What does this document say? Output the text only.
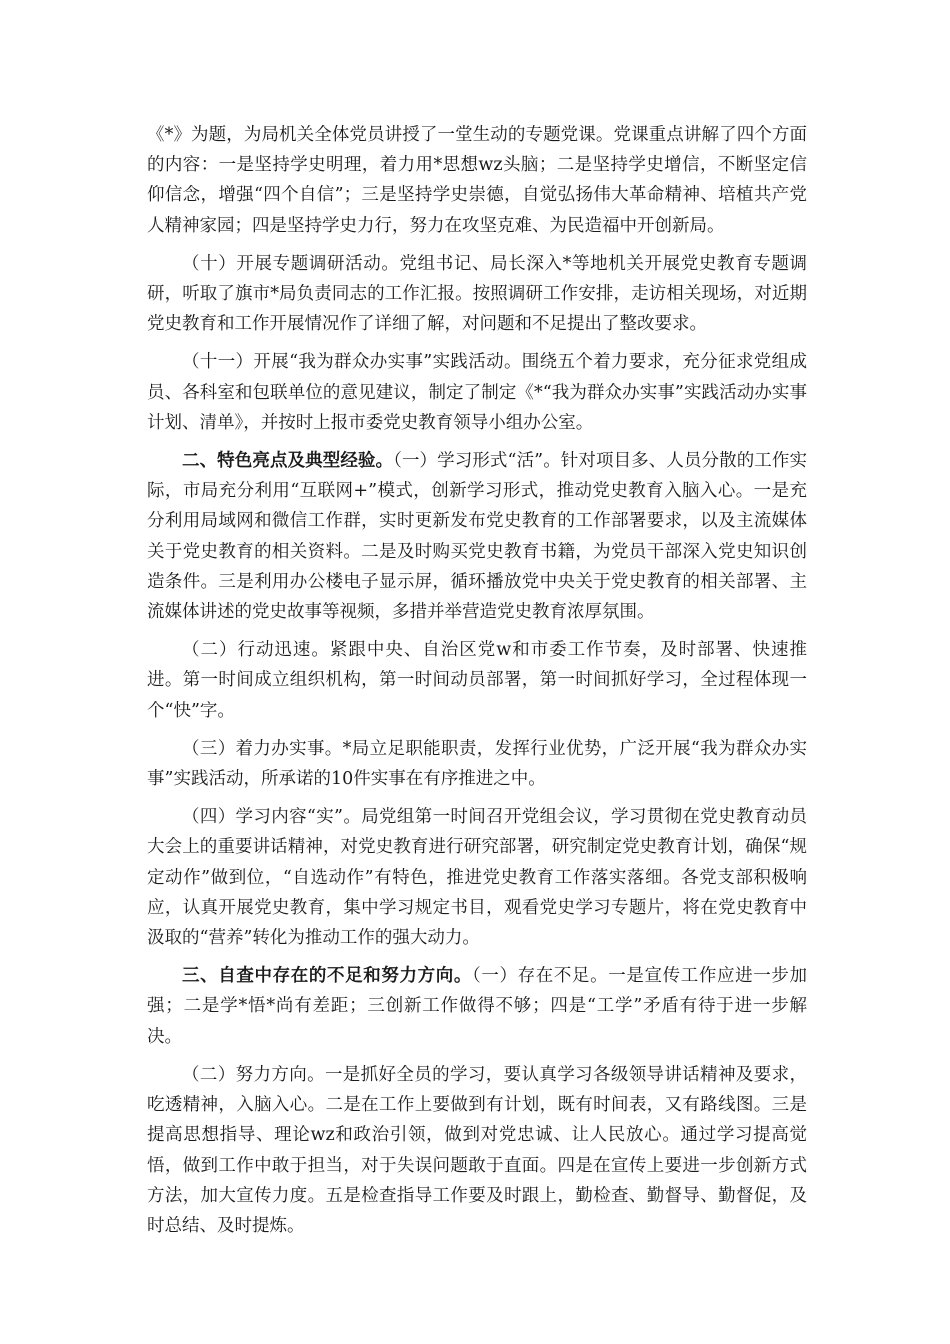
《*》为题，为局机关全体党员讲授了一堂生动的专题党课。党课重点讲解了四个方面的内容：一是坚持学史明理，着力用*思想wz头脑；二是坚持学史增信，不断坚定信仰信念，增强“四个自信”；三是坚持学史崇德，自觉弘扬伟大革命精神、培植共产党人精神家园；四是坚持学史力行，努力在攻坚克难、为民造福中开创新局。

（十）开展专题调研活动。党组书记、局长深入*等地机关开展党史教育专题调研，听取了旗市*局负责同志的工作汇报。按照调研工作安排，走访相关现场，对近期党史教育和工作开展情况作了详细了解，对问题和不足提出了整改要求。

（十一）开展“我为群众办实事”实践活动。围绕五个着力要求，充分征求党组成员、各科室和包联单位的意见建议，制定了制定《*“我为群众办实事”实践活动办实事计划、清单》，并按时上报市委党史教育领导小组办公室。

二、特色亮点及典型经验。（一）学习形式“活”。针对项目多、人员分散的工作实际，市局充分利用“互联网+”模式，创新学习形式，推动党史教育入脑入心。一是充分利用局域网和微信工作群，实时更新发布党史教育的工作部署要求，以及主流媒体关于党史教育的相关资料。二是及时购买党史教育书籍，为党员干部深入党史知识创造条件。三是利用办公楼电子显示屏，循环播放党中央关于党史教育的相关部署、主流媒体讲述的党史故事等视频，多措并举营造党史教育浓厚氛围。

（二）行动迅速。紧跟中央、自治区党w和市委工作节奏，及时部署、快速推进。第一时间成立组织机构，第一时间动员部署，第一时间抓好学习，全过程体现一个“快”字。

（三）着力办实事。*局立足职能职责，发挥行业优势，广泛开展“我为群众办实事”实践活动，所承诺的10件实事在有序推进之中。

（四）学习内容“实”。局党组第一时间召开党组会议，学习贯彻在党史教育动员大会上的重要讲话精神，对党史教育进行研究部署，研究制定党史教育计划，确保“规定动作”做到位，“自选动作”有特色，推进党史教育工作落实落细。各党支部积极响应，认真开展党史教育，集中学习规定书目，观看党史学习专题片，将在党史教育中汲取的“营养”转化为推动工作的强大动力。

三、自查中存在的不足和努力方向。（一）存在不足。一是宣传工作应进一步加强；二是学*悟*尚有差距；三创新工作做得不够；四是“工学”矛盾有待于进一步解决。

（二）努力方向。一是抓好全员的学习，要认真学习各级领导讲话精神及要求，吃透精神，入脑入心。二是在工作上要做到有计划，既有时间表，又有路线图。三是提高思想指导、理论wz和政治引领，做到对党忠诚、让人民放心。通过学习提高觉悟，做到工作中敢于担当，对于失误问题敢于直面。四是在宣传上要进一步创新方式方法，加大宣传力度。五是检查指导工作要及时跟上，勤检查、勤督导、勤督促，及时总结、及时提炼。
